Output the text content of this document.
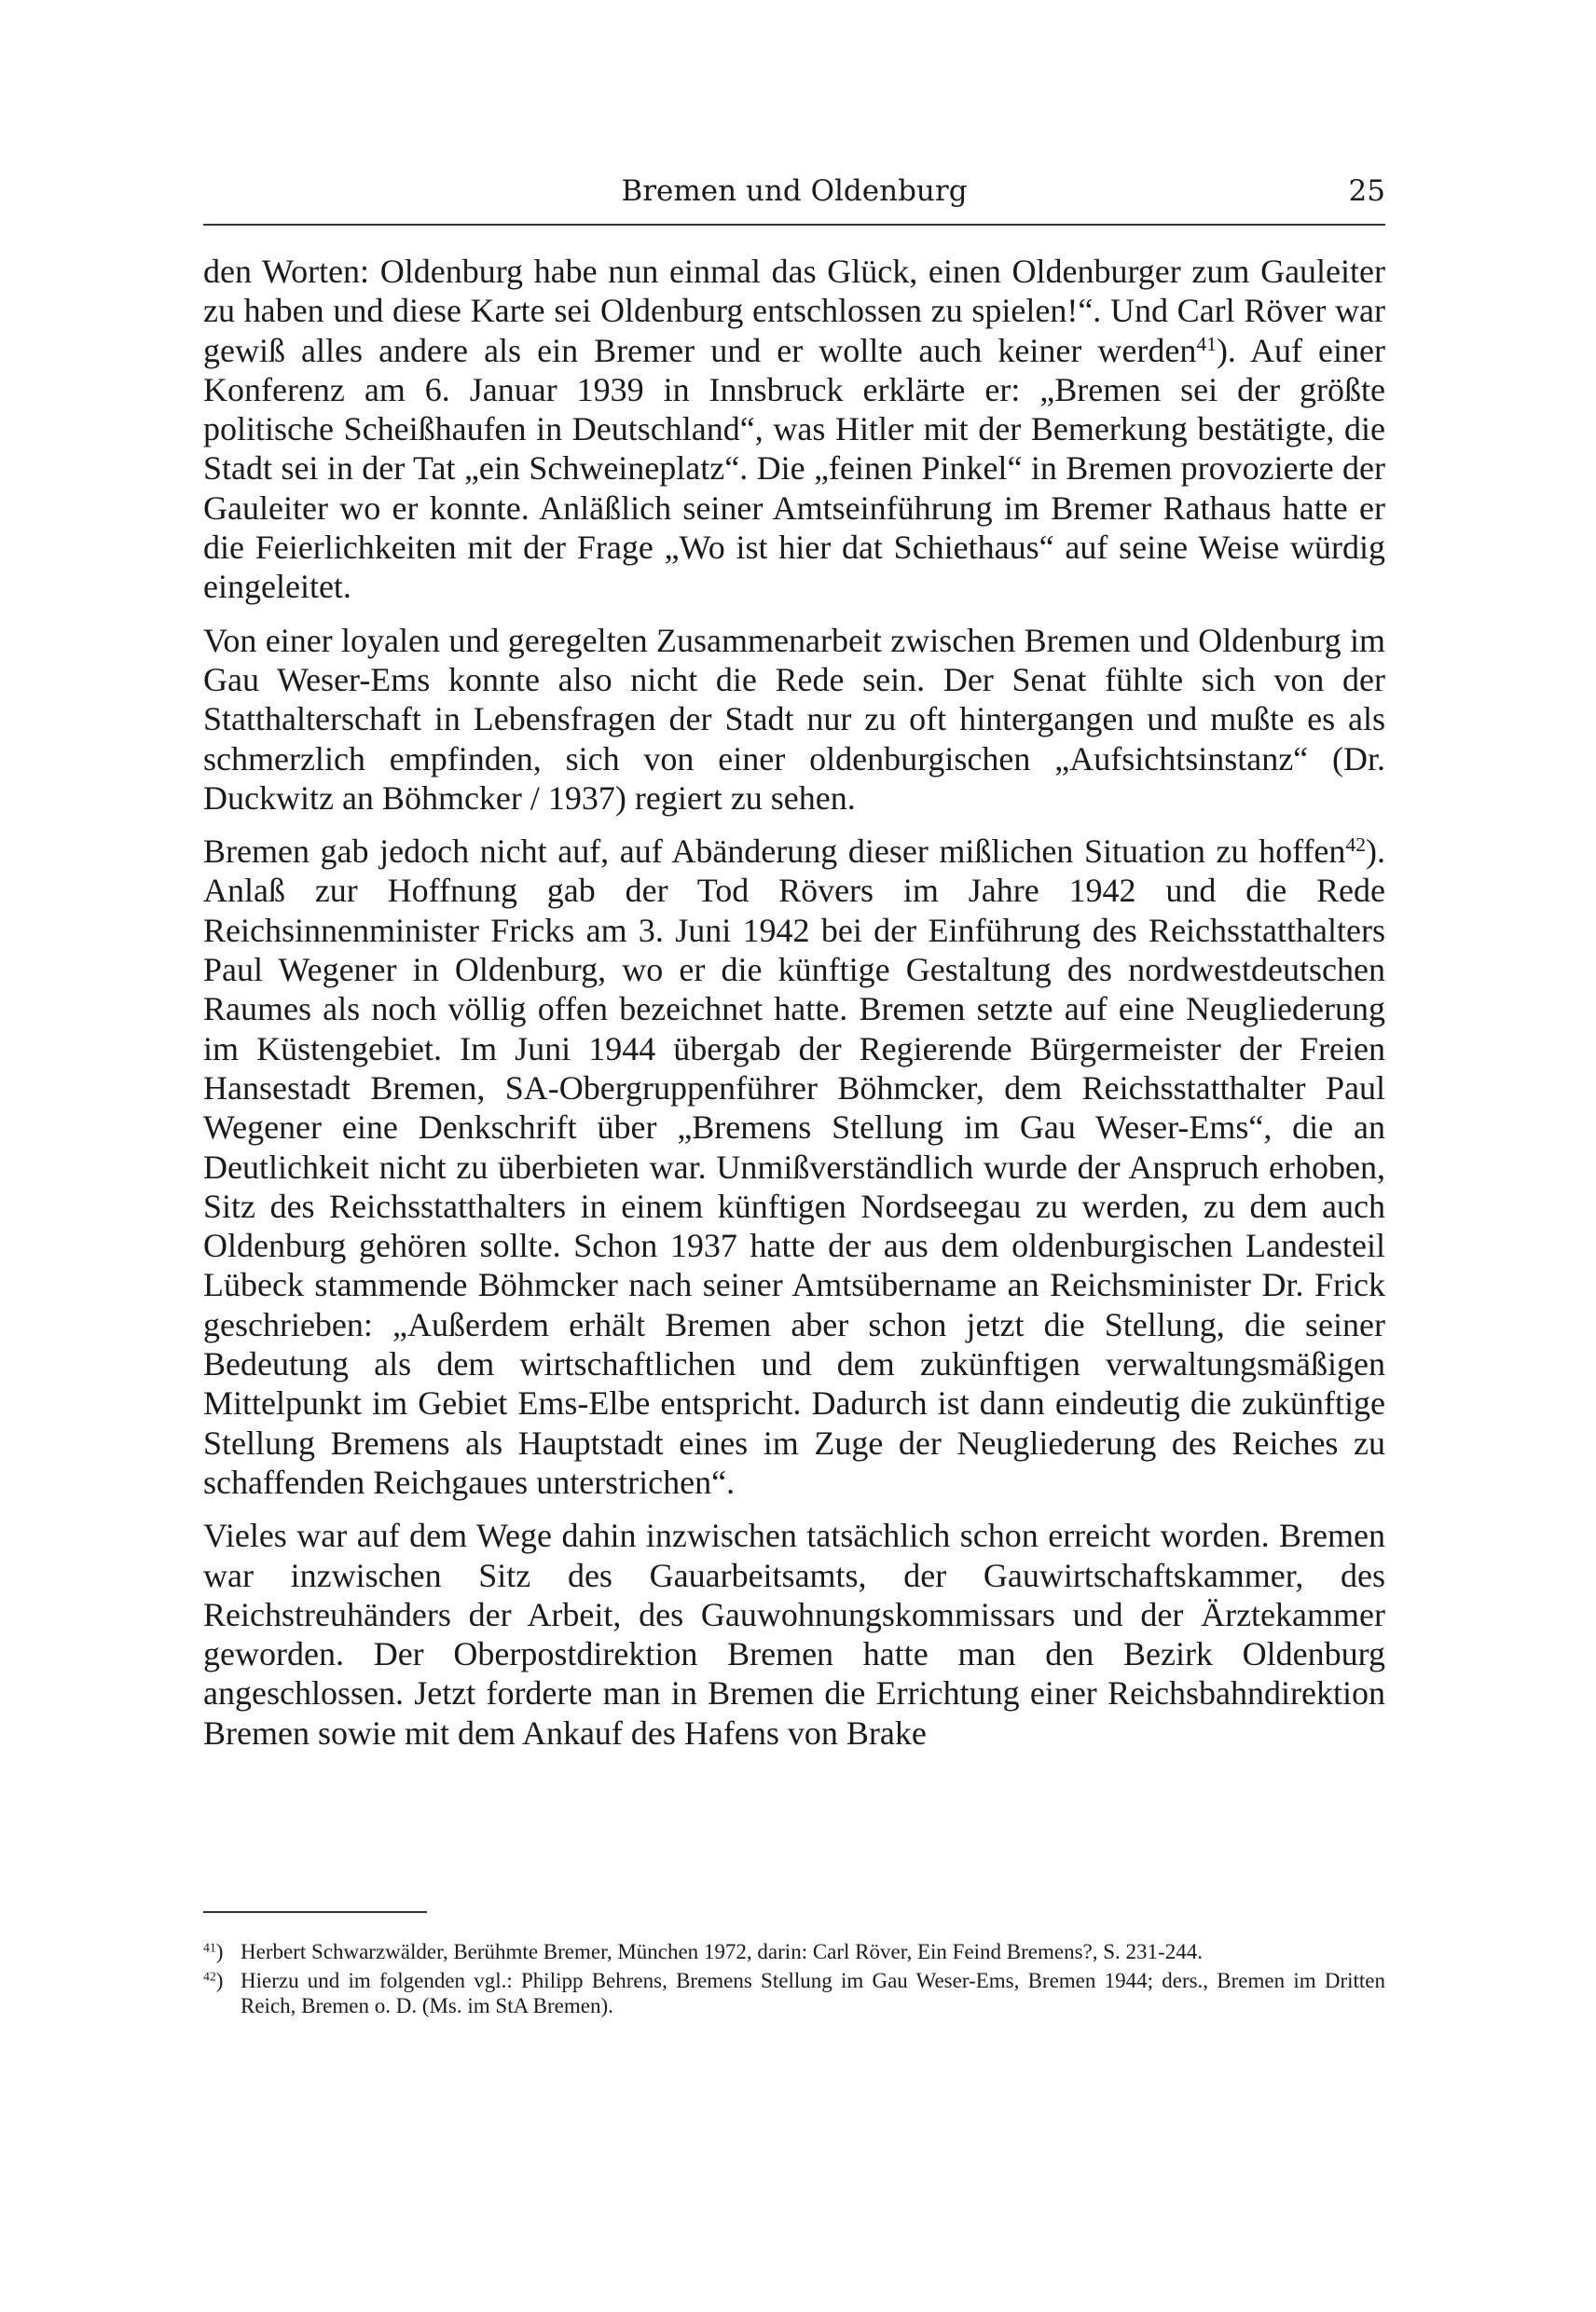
Bremen und Oldenburg	25

den Worten: Oldenburg habe nun einmal das Glück, einen Oldenburger zum Gauleiter zu haben und diese Karte sei Oldenburg entschlossen zu spielen!“. Und Carl Röver war gewiß alles andere als ein Bremer und er wollte auch keiner werden$^{41}$). Auf einer Konferenz am 6. Januar 1939 in Innsbruck erklärte er: „Bremen sei der größte politische Scheißhaufen in Deutschland“, was Hitler mit der Bemerkung bestätigte, die Stadt sei in der Tat „ein Schweineplatz“. Die „feinen Pinkel“ in Bremen provozierte der Gauleiter wo er konnte. Anläßlich seiner Amtseinführung im Bremer Rathaus hatte er die Feierlichkeiten mit der Frage „Wo ist hier dat Schiethaus“ auf seine Weise würdig eingeleitet.

Von einer loyalen und geregelten Zusammenarbeit zwischen Bremen und Oldenburg im Gau Weser-Ems konnte also nicht die Rede sein. Der Senat fühlte sich von der Statthalterschaft in Lebensfragen der Stadt nur zu oft hintergangen und mußte es als schmerzlich empfinden, sich von einer oldenburgischen „Aufsichtsinstanz“ (Dr. Duckwitz an Böhmcker / 1937) regiert zu sehen.

Bremen gab jedoch nicht auf, auf Abänderung dieser mißlichen Situation zu hoffen$^{42}$). Anlaß zur Hoffnung gab der Tod Rövers im Jahre 1942 und die Rede Reichsinnenminister Fricks am 3. Juni 1942 bei der Einführung des Reichsstatthalters Paul Wegener in Oldenburg, wo er die künftige Gestaltung des nordwestdeutschen Raumes als noch völlig offen bezeichnet hatte. Bremen setzte auf eine Neugliederung im Küstengebiet. Im Juni 1944 übergab der Regierende Bürgermeister der Freien Hansestadt Bremen, SA-Obergruppenführer Böhmcker, dem Reichsstatthalter Paul Wegener eine Denkschrift über „Bremens Stellung im Gau Weser-Ems“, die an Deutlichkeit nicht zu überbieten war. Unmißverständlich wurde der Anspruch erhoben, Sitz des Reichsstatthalters in einem künftigen Nordseegau zu werden, zu dem auch Oldenburg gehören sollte. Schon 1937 hatte der aus dem oldenburgischen Landesteil Lübeck stammende Böhmcker nach seiner Amtsübername an Reichsminister Dr. Frick geschrieben: „Außerdem erhält Bremen aber schon jetzt die Stellung, die seiner Bedeutung als dem wirtschaftlichen und dem zukünftigen verwaltungsmäßigen Mittelpunkt im Gebiet Ems-Elbe entspricht. Dadurch ist dann eindeutig die zukünftige Stellung Bremens als Hauptstadt eines im Zuge der Neugliederung des Reiches zu schaffenden Reichgaues unterstrichen“.

Vieles war auf dem Wege dahin inzwischen tatsächlich schon erreicht worden. Bremen war inzwischen Sitz des Gauarbeitsamts, der Gauwirtschaftskammer, des Reichstreuhänders der Arbeit, des Gauwohnungskommissars und der Ärztekammer geworden. Der Oberpostdirektion Bremen hatte man den Bezirk Oldenburg angeschlossen. Jetzt forderte man in Bremen die Errichtung einer Reichsbahndirektion Bremen sowie mit dem Ankauf des Hafens von Brake

$^{41}$) Herbert Schwarzwälder, Berühmte Bremer, München 1972, darin: Carl Röver, Ein Feind Bremens?, S. 231-244.
$^{42}$) Hierzu und im folgenden vgl.: Philipp Behrens, Bremens Stellung im Gau Weser-Ems, Bremen 1944; ders., Bremen im Dritten Reich, Bremen o. D. (Ms. im StA Bremen).
